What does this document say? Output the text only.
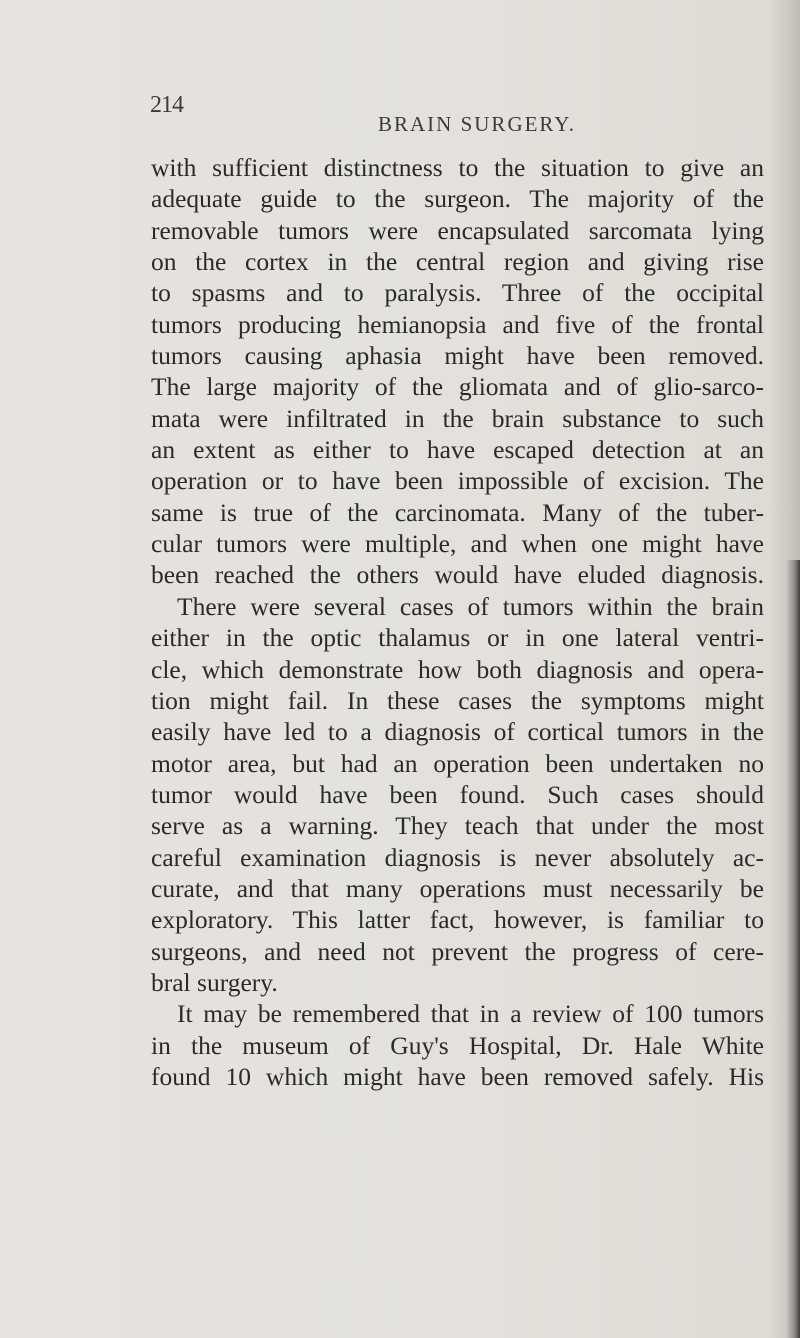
214
BRAIN SURGERY.
with sufficient distinctness to the situation to give an
adequate guide to the surgeon. The majority of the
removable tumors were encapsulated sarcomata lying
on the cortex in the central region and giving rise
to spasms and to paralysis. Three of the occipital
tumors producing hemianopsia and five of the frontal
tumors causing aphasia might have been removed.
The large majority of the gliomata and of glio-sarco-
mata were infiltrated in the brain substance to such
an extent as either to have escaped detection at an
operation or to have been impossible of excision. The
same is true of the carcinomata. Many of the tuber-
cular tumors were multiple, and when one might have
been reached the others would have eluded diagnosis.
There were several cases of tumors within the brain
either in the optic thalamus or in one lateral ventri-
cle, which demonstrate how both diagnosis and opera-
tion might fail. In these cases the symptoms might
easily have led to a diagnosis of cortical tumors in the
motor area, but had an operation been undertaken no
tumor would have been found. Such cases should
serve as a warning. They teach that under the most
careful examination diagnosis is never absolutely ac-
curate, and that many operations must necessarily be
exploratory. This latter fact, however, is familiar to
surgeons, and need not prevent the progress of cere-
bral surgery.
It may be remembered that in a review of 100 tumors
in the museum of Guy's Hospital, Dr. Hale White
found 10 which might have been removed safely. His
